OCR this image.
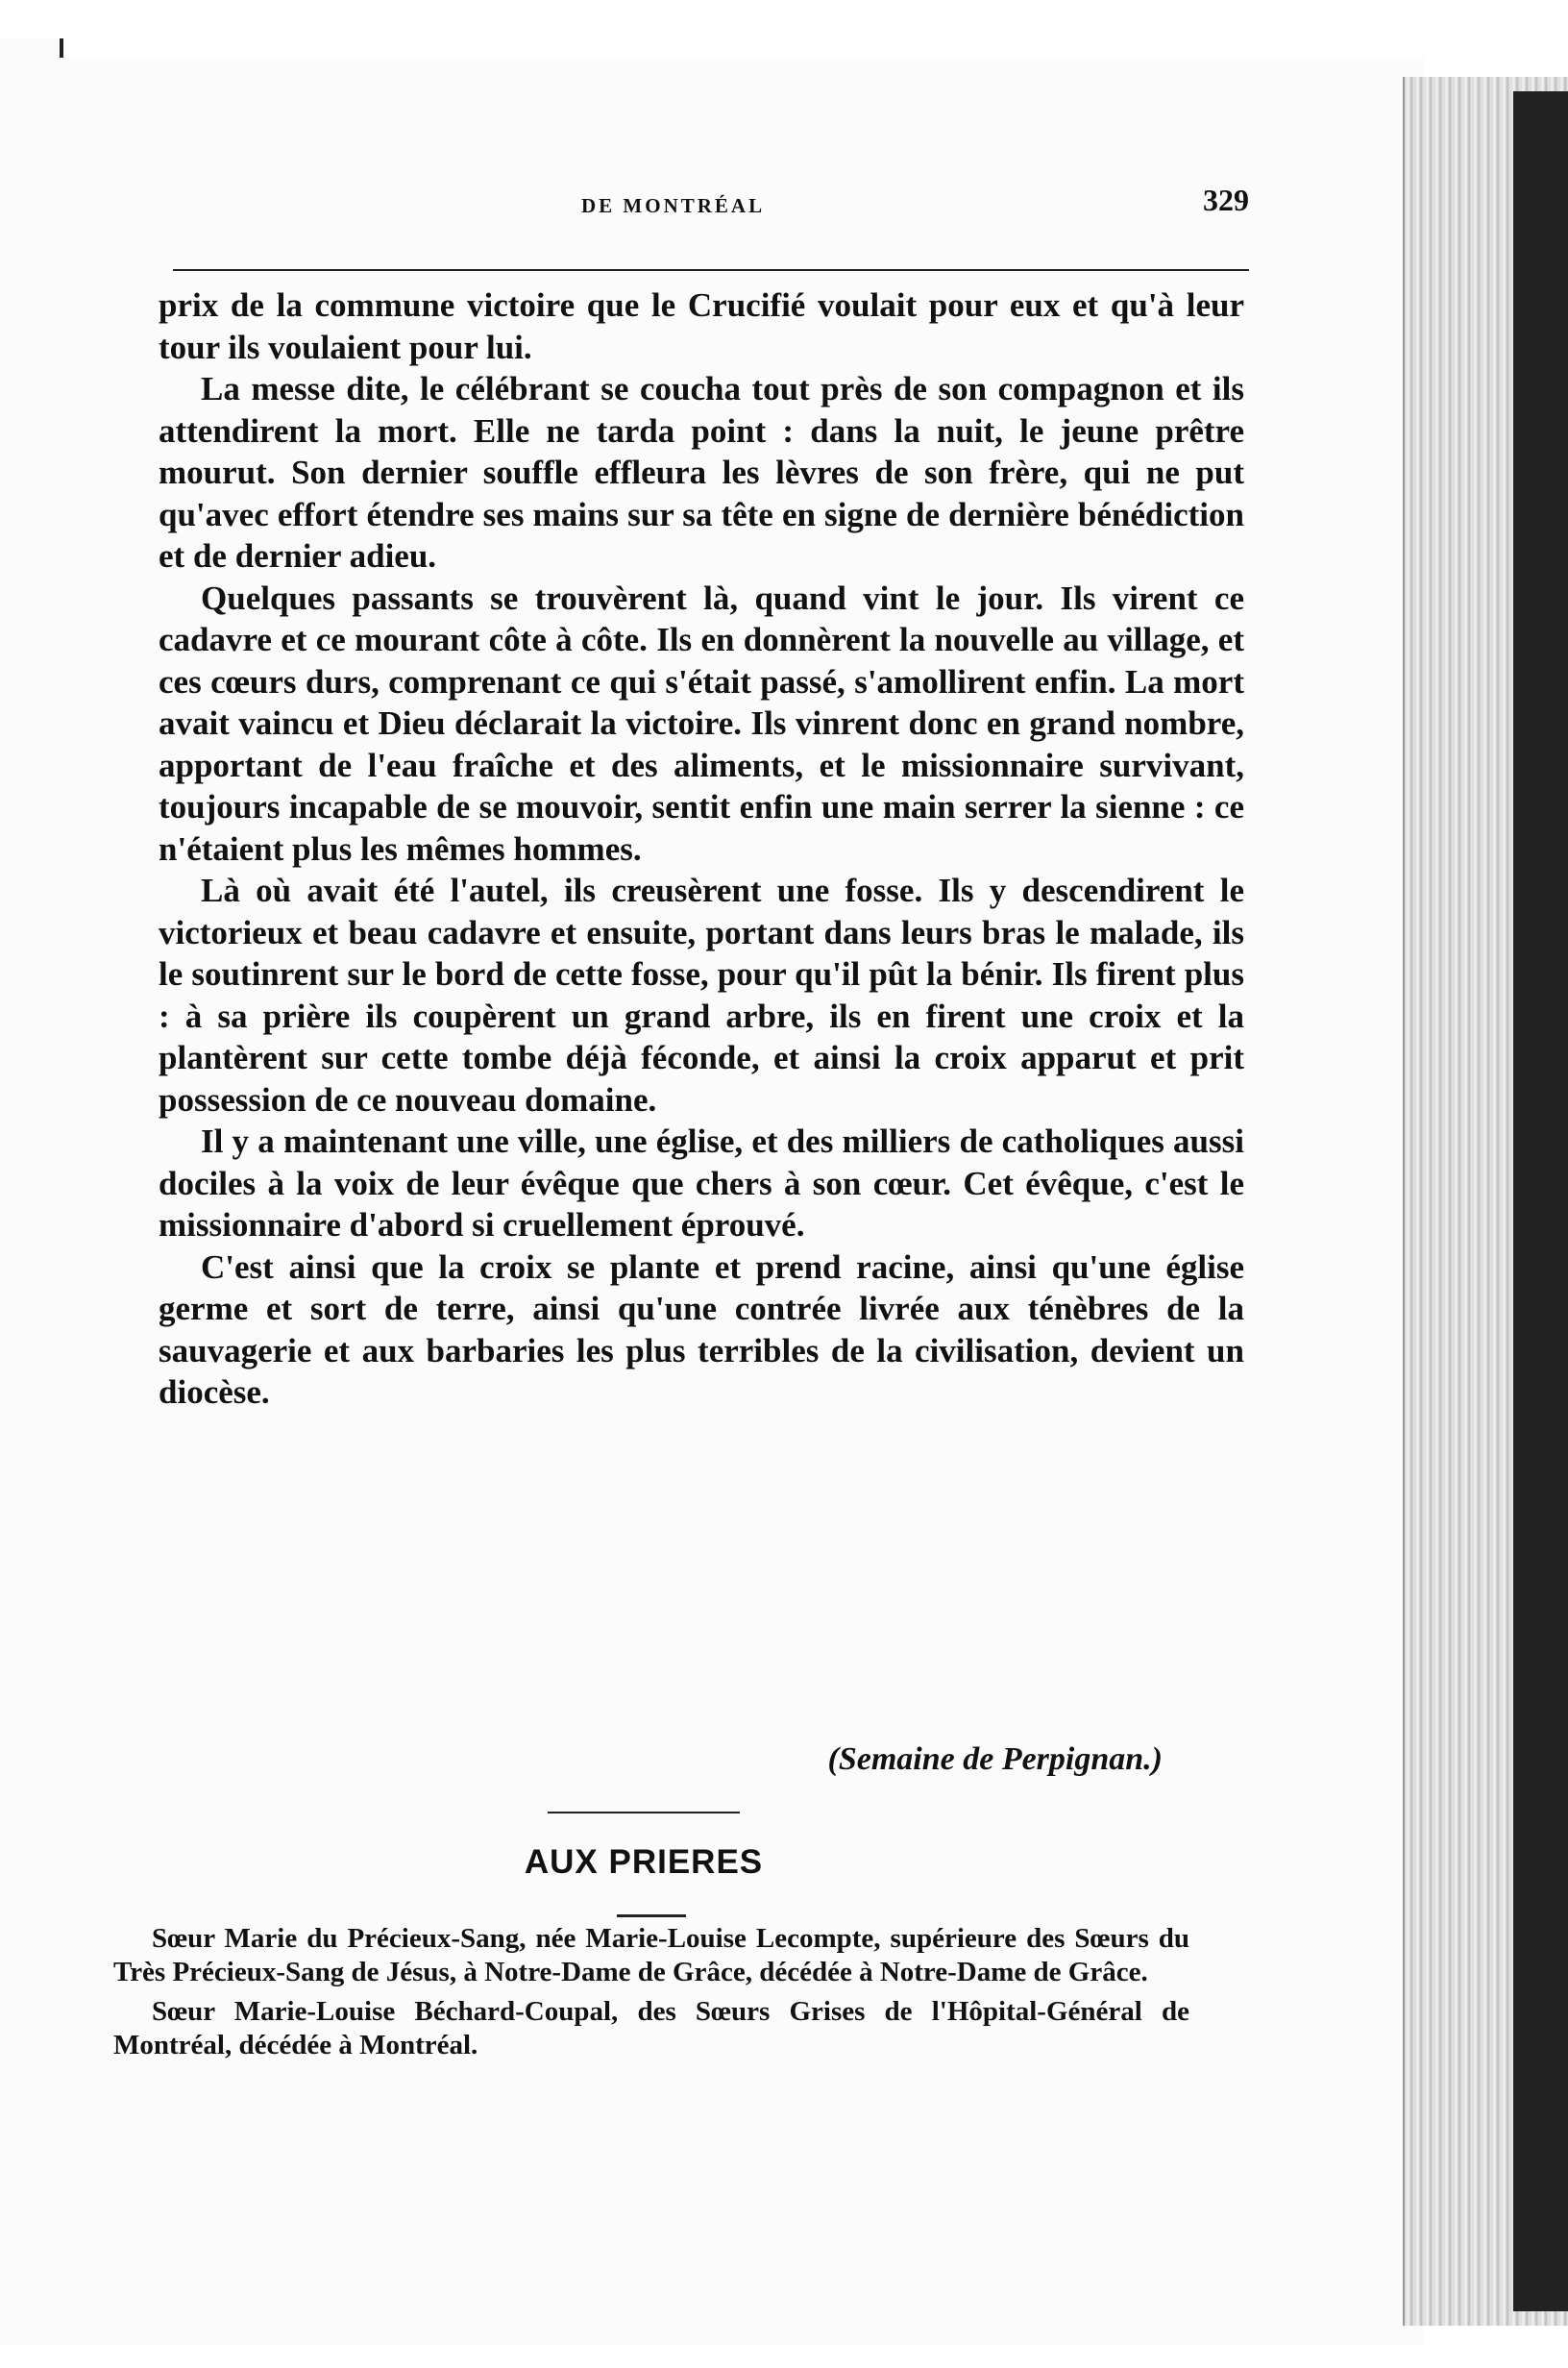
DE MONTRÉAL	329

prix de la commune victoire que le Crucifié voulait pour eux et qu'à leur tour ils voulaient pour lui.

La messe dite, le célébrant se coucha tout près de son compagnon et ils attendirent la mort. Elle ne tarda point : dans la nuit, le jeune prêtre mourut. Son dernier souffle effleura les lèvres de son frère, qui ne put qu'avec effort étendre ses mains sur sa tête en signe de dernière bénédiction et de dernier adieu.

Quelques passants se trouvèrent là, quand vint le jour. Ils virent ce cadavre et ce mourant côte à côte. Ils en donnèrent la nouvelle au village, et ces cœurs durs, comprenant ce qui s'était passé, s'amollirent enfin. La mort avait vaincu et Dieu déclarait la victoire. Ils vinrent donc en grand nombre, apportant de l'eau fraîche et des aliments, et le missionnaire survivant, toujours incapable de se mouvoir, sentit enfin une main serrer la sienne : ce n'étaient plus les mêmes hommes.

Là où avait été l'autel, ils creusèrent une fosse. Ils y descendirent le victorieux et beau cadavre et ensuite, portant dans leurs bras le malade, ils le soutinrent sur le bord de cette fosse, pour qu'il pût la bénir. Ils firent plus : à sa prière ils coupèrent un grand arbre, ils en firent une croix et la plantèrent sur cette tombe déjà féconde, et ainsi la croix apparut et prit possession de ce nouveau domaine.

Il y a maintenant une ville, une église, et des milliers de catholiques aussi dociles à la voix de leur évêque que chers à son cœur. Cet évêque, c'est le missionnaire d'abord si cruellement éprouvé.

C'est ainsi que la croix se plante et prend racine, ainsi qu'une église germe et sort de terre, ainsi qu'une contrée livrée aux ténèbres de la sauvagerie et aux barbaries les plus terribles de la civilisation, devient un diocèse.

(Semaine de Perpignan.)
AUX PRIERES

Sœur Marie du Précieux-Sang, née Marie-Louise Lecompte, supérieure des Sœurs du Très Précieux-Sang de Jésus, à Notre-Dame de Grâce, décédée à Notre-Dame de Grâce.

Sœur Marie-Louise Béchard-Coupal, des Sœurs Grises de l'Hôpital-Général de Montréal, décédée à Montréal.
